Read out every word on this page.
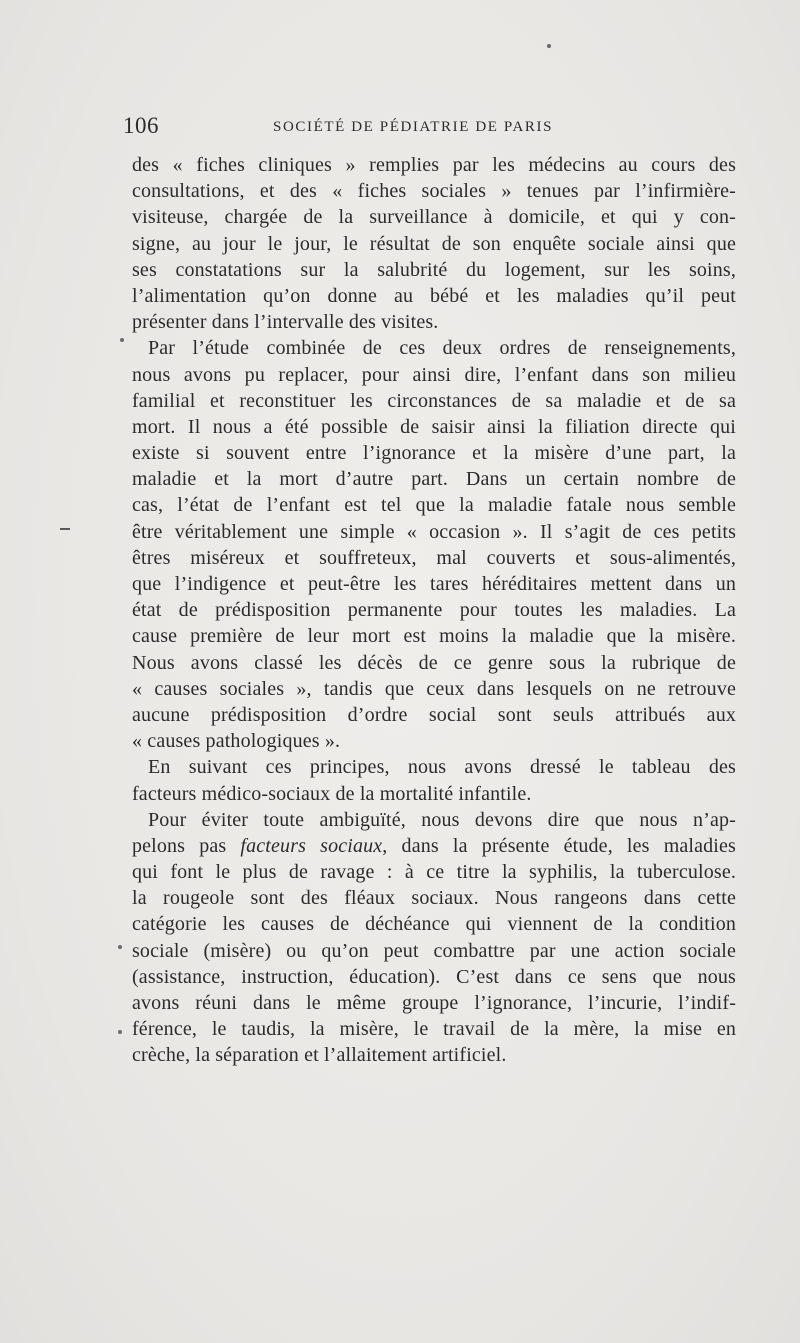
106	SOCIÉTÉ DE PÉDIATRIE DE PARIS
des « fiches cliniques » remplies par les médecins au cours des
consultations, et des « fiches sociales » tenues par l’infirmière-
visiteuse, chargée de la surveillance à domicile, et qui y con-
signe, au jour le jour, le résultat de son enquête sociale ainsi que
ses constatations sur la salubrité du logement, sur les soins,
l’alimentation qu’on donne au bébé et les maladies qu’il peut
présenter dans l’intervalle des visites.
Par l’étude combinée de ces deux ordres de renseignements,
nous avons pu replacer, pour ainsi dire, l’enfant dans son milieu
familial et reconstituer les circonstances de sa maladie et de sa
mort. Il nous a été possible de saisir ainsi la filiation directe qui
existe si souvent entre l’ignorance et la misère d’une part, la
maladie et la mort d’autre part. Dans un certain nombre de
cas, l’état de l’enfant est tel que la maladie fatale nous semble
être véritablement une simple « occasion ». Il s’agit de ces petits
êtres miséreux et souffreteux, mal couverts et sous-alimentés,
que l’indigence et peut-être les tares héréditaires mettent dans un
état de prédisposition permanente pour toutes les maladies. La
cause première de leur mort est moins la maladie que la misère.
Nous avons classé les décès de ce genre sous la rubrique de
« causes sociales », tandis que ceux dans lesquels on ne retrouve
aucune prédisposition d’ordre social sont seuls attribués aux
« causes pathologiques ».
En suivant ces principes, nous avons dressé le tableau des
facteurs médico-sociaux de la mortalité infantile.
Pour éviter toute ambiguïté, nous devons dire que nous n’ap-
pelons pas facteurs sociaux, dans la présente étude, les maladies
qui font le plus de ravage : à ce titre la syphilis, la tuberculose.
la rougeole sont des fléaux sociaux. Nous rangeons dans cette
catégorie les causes de déchéance qui viennent de la condition
sociale (misère) ou qu’on peut combattre par une action sociale
(assistance, instruction, éducation). C’est dans ce sens que nous
avons réuni dans le même groupe l’ignorance, l’incurie, l’indif-
férence, le taudis, la misère, le travail de la mère, la mise en
crèche, la séparation et l’allaitement artificiel.
